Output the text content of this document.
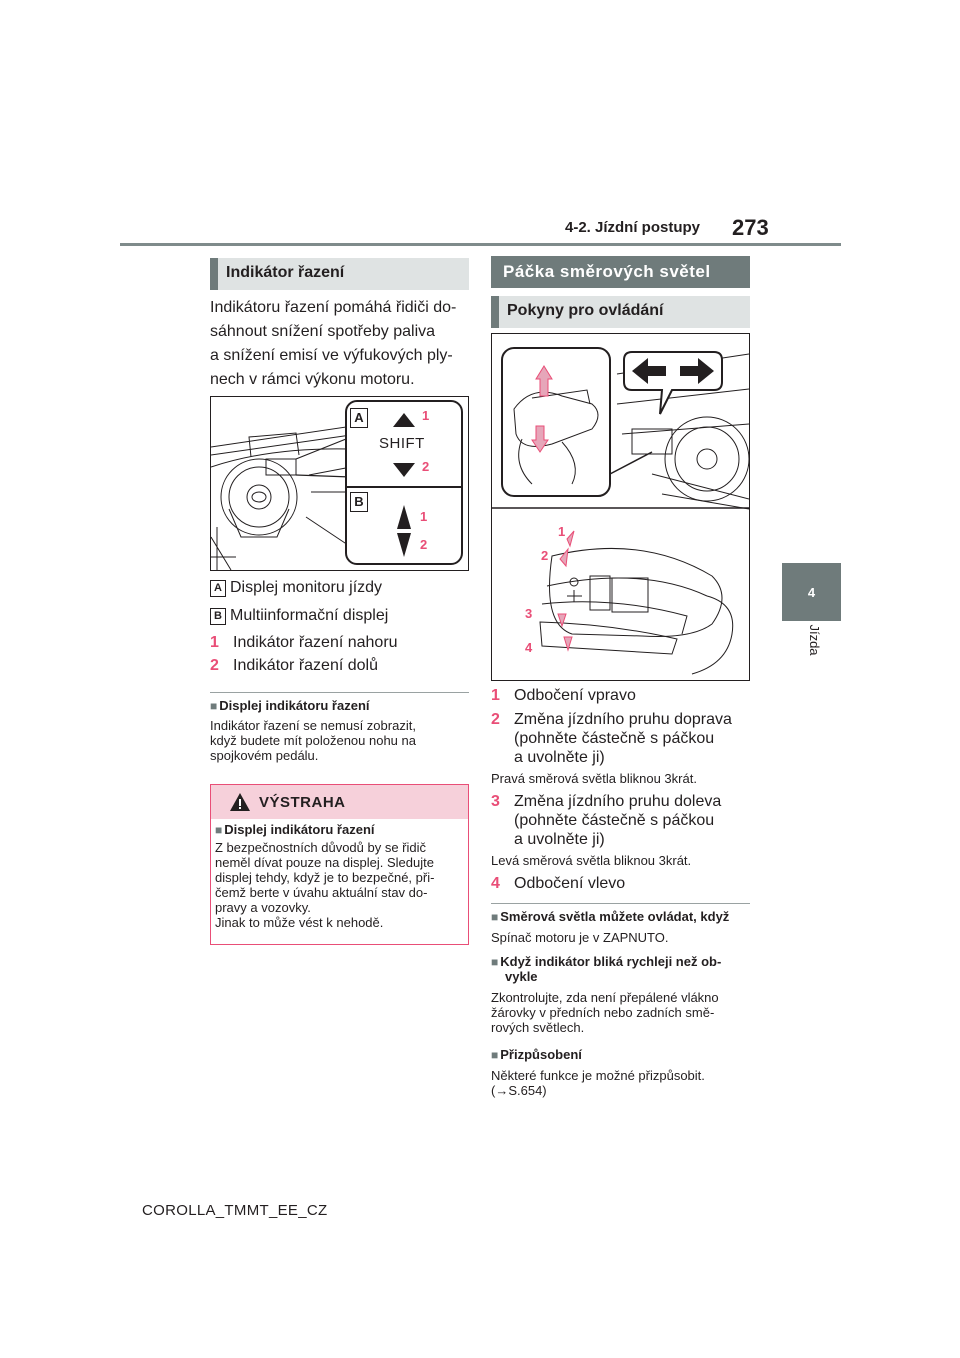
4-2. Jízdní postupy 273
4
Jízda
Indikátor řazení
Indikátoru řazení pomáhá řidiči do-
sáhnout snížení spotřeby paliva
a snížení emisí ve výfukových ply-
nech v rámci výkonu motoru.
A
B
SHIFT
1
2
1
2
A Displej monitoru jízdy
B Multiinformační displej
1 Indikátor řazení nahoru
2 Indikátor řazení dolů
■ Displej indikátoru řazení
Indikátor řazení se nemusí zobrazit,
když budete mít položenou nohu na
spojkovém pedálu.
VÝSTRAHA
■ Displej indikátoru řazení
Z bezpečnostních důvodů by se řidič
neměl dívat pouze na displej. Sledujte
displej tehdy, když je to bezpečné, při-
čemž berte v úvahu aktuální stav do-
pravy a vozovky.
Jinak to může vést k nehodě.
Páčka směrových světel
Pokyny pro ovládání
1
2
3
4
1 Odbočení vpravo
2 Změna jízdního pruhu doprava
(pohněte částečně s páčkou
a uvolněte ji)
Pravá směrová světla bliknou 3krát.
3 Změna jízdního pruhu doleva
(pohněte částečně s páčkou
a uvolněte ji)
Levá směrová světla bliknou 3krát.
4 Odbočení vlevo
■ Směrová světla můžete ovládat, když
Spínač motoru je v ZAPNUTO.
■ Když indikátor bliká rychleji než ob-
vykle
Zkontrolujte, zda není přepálené vlákno
žárovky v předních nebo zadních smě-
rových světlech.
■ Přizpůsobení
Některé funkce je možné přizpůsobit.
(→S.654)
COROLLA_TMMT_EE_CZ
